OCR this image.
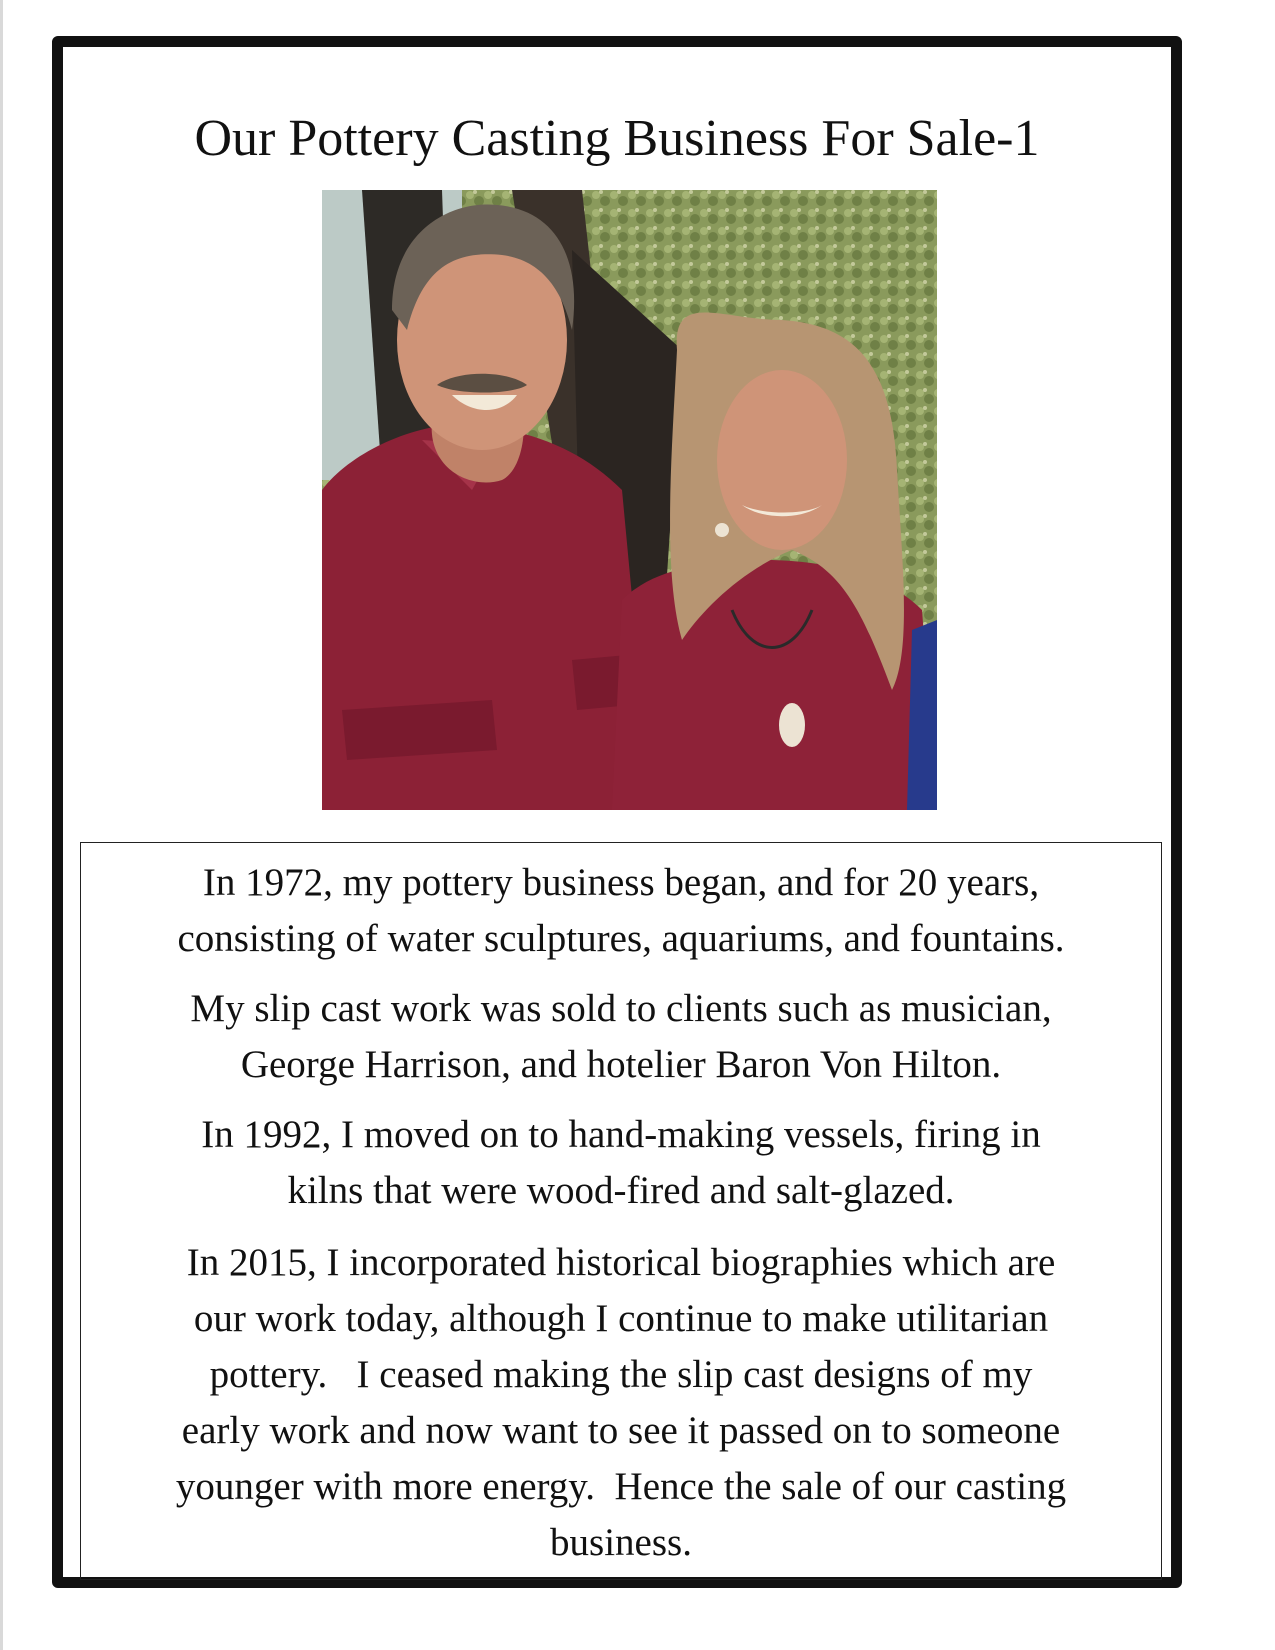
Our Pottery Casting Business For Sale-1

In 1972, my pottery business began, and for 20 years,
consisting of water sculptures, aquariums, and fountains.

My slip cast work was sold to clients such as musician,
George Harrison, and hotelier Baron Von Hilton.

In 1992, I moved on to hand-making vessels, firing in
kilns that were wood-fired and salt-glazed.

In 2015, I incorporated historical biographies which are
our work today, although I continue to make utilitarian
pottery.   I ceased making the slip cast designs of my
early work and now want to see it passed on to someone
younger with more energy.  Hence the sale of our casting
business.
